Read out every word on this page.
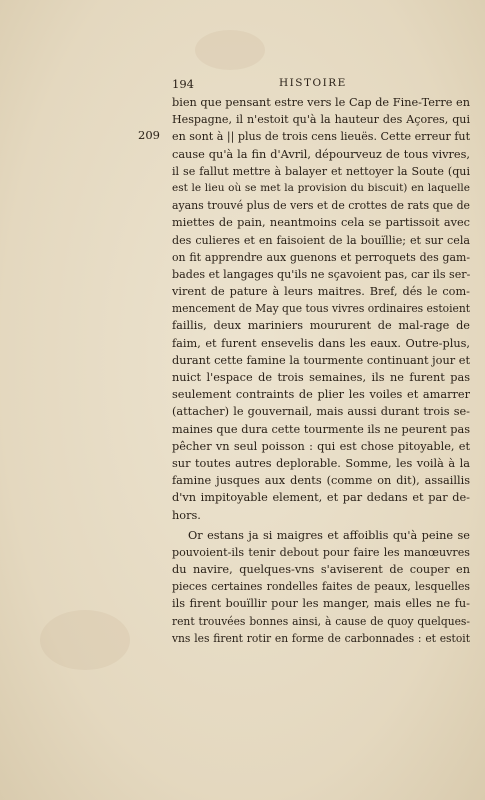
194	HISTOIRE
209
bien que pensant estre vers le Cap de Fine-Terre en
Hespagne, il n'estoit qu'à la hauteur des Açores, qui
en sont à || plus de trois cens lieuës. Cette erreur fut
cause qu'à la fin d'Avril, dépourveuz de tous vivres,
il se fallut mettre à balayer et nettoyer la Soute (qui
est le lieu où se met la provision du biscuit) en laquelle
ayans trouvé plus de vers et de crottes de rats que de
miettes de pain, neantmoins cela se partissoit avec
des culieres et en faisoient de la bouïllie; et sur cela
on fit apprendre aux guenons et perroquets des gam-
bades et langages qu'ils ne sçavoient pas, car ils ser-
virent de pature à leurs maitres. Bref, dés le com-
mencement de May que tous vivres ordinaires estoient
faillis, deux mariniers moururent de mal-rage de
faim, et furent ensevelis dans les eaux. Outre-plus,
durant cette famine la tourmente continuant jour et
nuict l'espace de trois semaines, ils ne furent pas
seulement contraints de plier les voiles et amarrer
(attacher) le gouvernail, mais aussi durant trois se-
maines que dura cette tourmente ils ne peurent pas
pêcher vn seul poisson : qui est chose pitoyable, et
sur toutes autres deplorable. Somme, les voilà à la
famine jusques aux dents (comme on dit), assaillis
d'vn impitoyable element, et par dedans et par de-
hors.
Or estans ja si maigres et affoiblis qu'à peine se
pouvoient-ils tenir debout pour faire les manœuvres
du navire, quelques-vns s'aviserent de couper en
pieces certaines rondelles faites de peaux, lesquelles
ils firent bouïllir pour les manger, mais elles ne fu-
rent trouvées bonnes ainsi, à cause de quoy quelques-
vns les firent rotir en forme de carbonnades : et estoit
